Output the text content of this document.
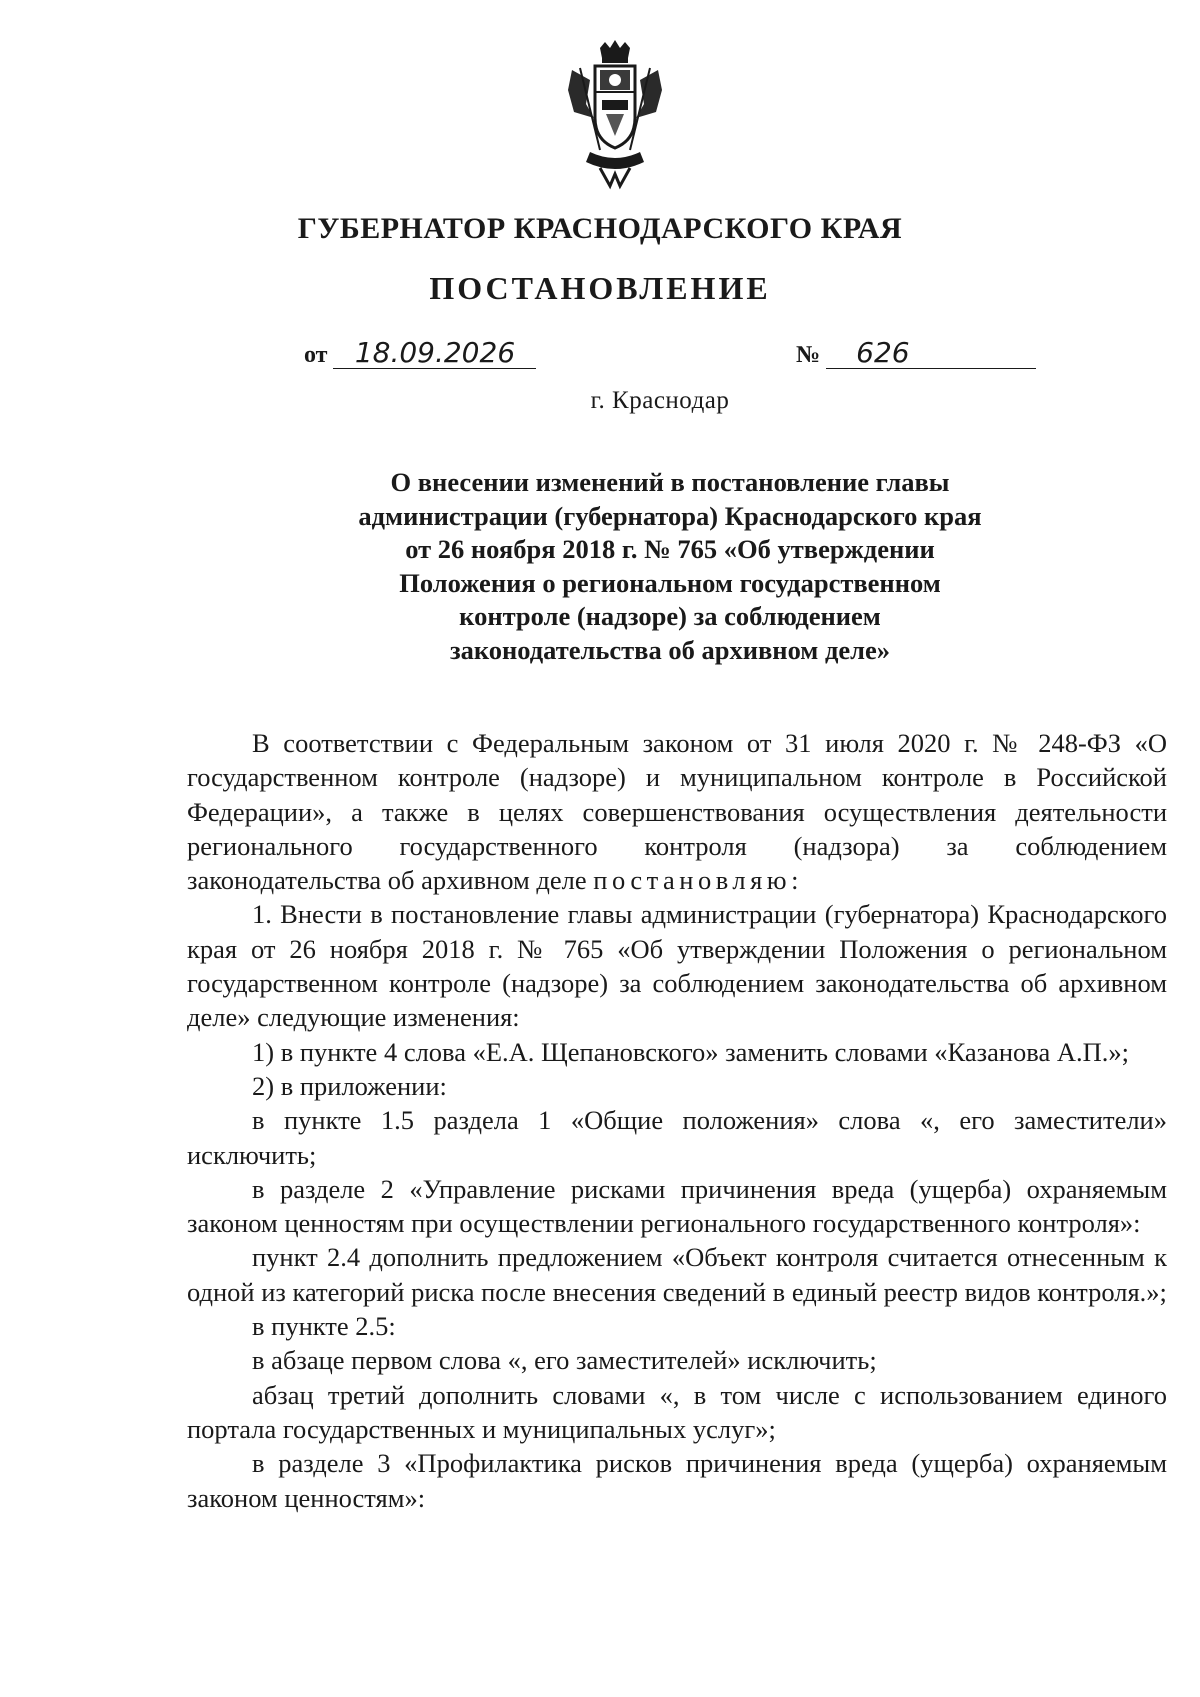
ГУБЕРНАТОР КРАСНОДАРСКОГО КРАЯ
ПОСТАНОВЛЕНИЕ
от 18.09.2026	№ 626
г. Краснодар
О внесении изменений в постановление главы
администрации (губернатора) Краснодарского края
от 26 ноября 2018 г. № 765 «Об утверждении
Положения о региональном государственном
контроле (надзоре) за соблюдением
законодательства об архивном деле»

В соответствии с Федеральным законом от 31 июля 2020 г. № 248-ФЗ «О государственном контроле (надзоре) и муниципальном контроле в Российской Федерации», а также в целях совершенствования осуществления деятельности регионального государственного контроля (надзора) за соблюдением законодательства об архивном деле постановляю:

1. Внести в постановление главы администрации (губернатора) Краснодарского края от 26 ноября 2018 г. № 765 «Об утверждении Положения о региональном государственном контроле (надзоре) за соблюдением законодательства об архивном деле» следующие изменения:

1) в пункте 4 слова «Е.А. Щепановского» заменить словами «Казанова А.П.»;

2) в приложении:

в пункте 1.5 раздела 1 «Общие положения» слова «, его заместители» исключить;

в разделе 2 «Управление рисками причинения вреда (ущерба) охраняемым законом ценностям при осуществлении регионального государственного контроля»:

пункт 2.4 дополнить предложением «Объект контроля считается отнесенным к одной из категорий риска после внесения сведений в единый реестр видов контроля.»;

в пункте 2.5:

в абзаце первом слова «, его заместителей» исключить;

абзац третий дополнить словами «, в том числе с использованием единого портала государственных и муниципальных услуг»;

в разделе 3 «Профилактика рисков причинения вреда (ущерба) охраняемым законом ценностям»:
